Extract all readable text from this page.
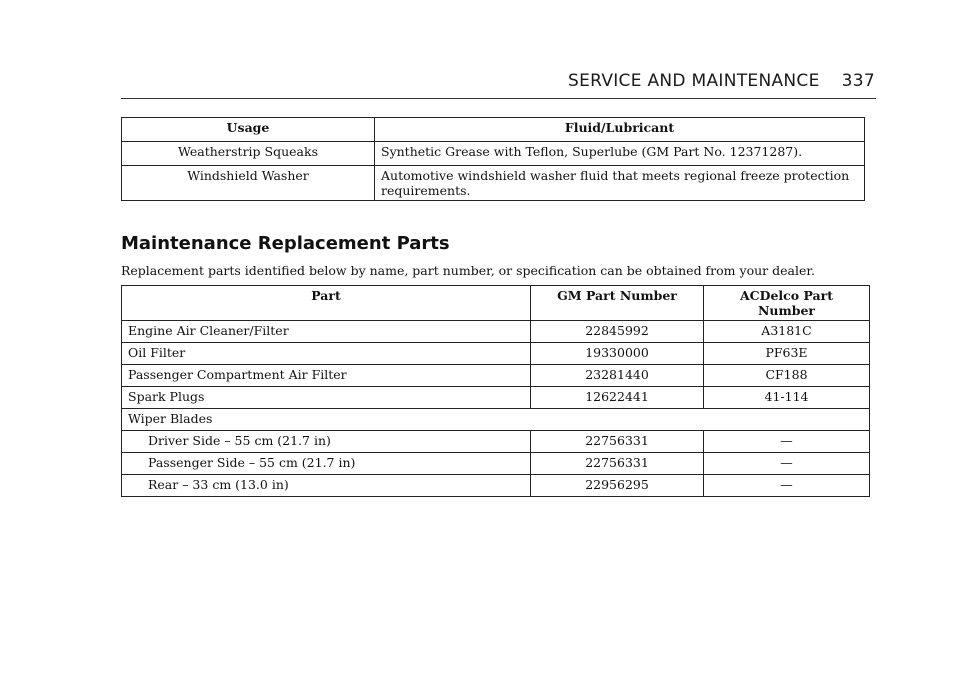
SERVICE AND MAINTENANCE 337
Usage	Fluid/Lubricant
Weatherstrip Squeaks	Synthetic Grease with Teflon, Superlube (GM Part No. 12371287).
Windshield Washer	Automotive windshield washer fluid that meets regional freeze protection requirements.
Maintenance Replacement Parts
Replacement parts identified below by name, part number, or specification can be obtained from your dealer.
Part	GM Part Number	ACDelco Part Number
Engine Air Cleaner/Filter	22845992	A3181C
Oil Filter	19330000	PF63E
Passenger Compartment Air Filter	23281440	CF188
Spark Plugs	12622441	41-114
Wiper Blades		
Driver Side – 55 cm (21.7 in)	22756331	—
Passenger Side – 55 cm (21.7 in)	22756331	—
Rear – 33 cm (13.0 in)	22956295	—
